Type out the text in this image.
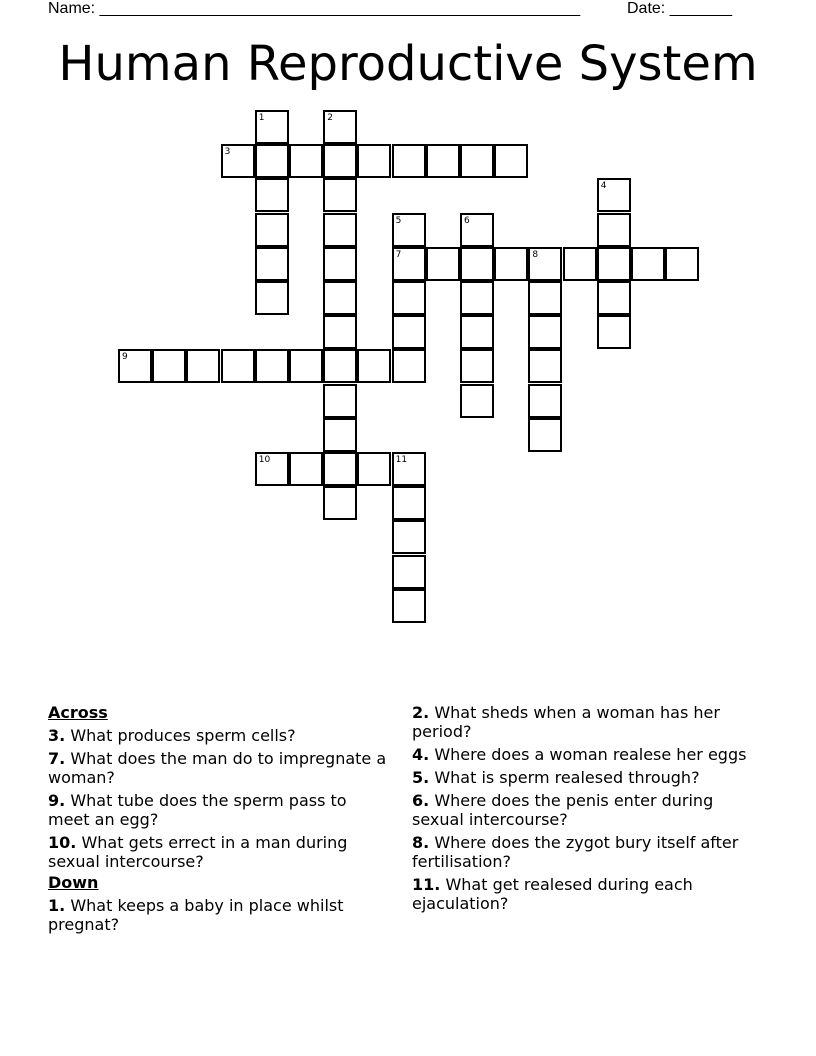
Name: ______________________________________________________	Date: _______
Human Reproductive System
1	2
3
4
5
7
6
8
9
10	11
Across
3. What produces sperm cells?
7. What does the man do to impregnate a woman?
9. What tube does the sperm pass to meet an egg?
10. What gets errect in a man during sexual intercourse?
Down
1. What keeps a baby in place whilst pregnat?
2. What sheds when a woman has her period?
4. Where does a woman realese her eggs
5. What is sperm realesed through?
6. Where does the penis enter during sexual intercourse?
8. Where does the zygot bury itself after fertilisation?
11. What get realesed during each ejaculation?
